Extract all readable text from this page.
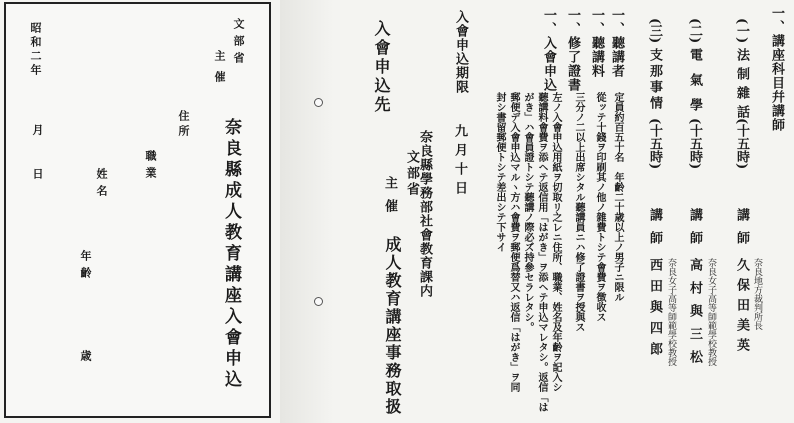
文部省
主催
奈良縣成人教育講座入會申込
住所
職業
姓名
年齡
歳
昭和二年
月
日
入會申込先
文部省
主催
成人教育講座事務取扱
奈良縣學務部社會教育課内
入會申込期限
九月十日
一、講座科目幷講師
(一)
法制雜話
(十五時)
講師
奈良地方裁判所長
久保田美英
(二)
電氣學
(十五時)
講師
奈良女子高等師範學校教授
高村與三松
(三)
支那事情
(十五時)
講師
奈良女子高等師範學校教授
西田與四郎
一、聽講者
定員約百五十名　年齡二十歳以上ノ男子ニ限ル
一、聽講料
從ッテ十錢ヲ印刷其ノ他ノ雜費トシテ會費ヲ徴收ス
一、修了證書
三分ノ二以上出席シタル聽講員ニハ修了證書ヲ授與ス
一、入會申込
左ノ入會申込用紙ヲ切取リ之レニ住所、職業、姓名及年齡ヲ記入シ
聽講料會費ヲ添ヘテ返信用「はがき」ヲ添ヘテ申込マレタシ。返信「は
がき」ハ會員證トシテ聽講ノ際必ズ持參セラレタシ。
郵便デ入會申込マルヽ方ハ會費ヲ郵便爲替又ハ返信「はがき」ヲ同
封シ書留郵便トシテ差出シテ下サイ
